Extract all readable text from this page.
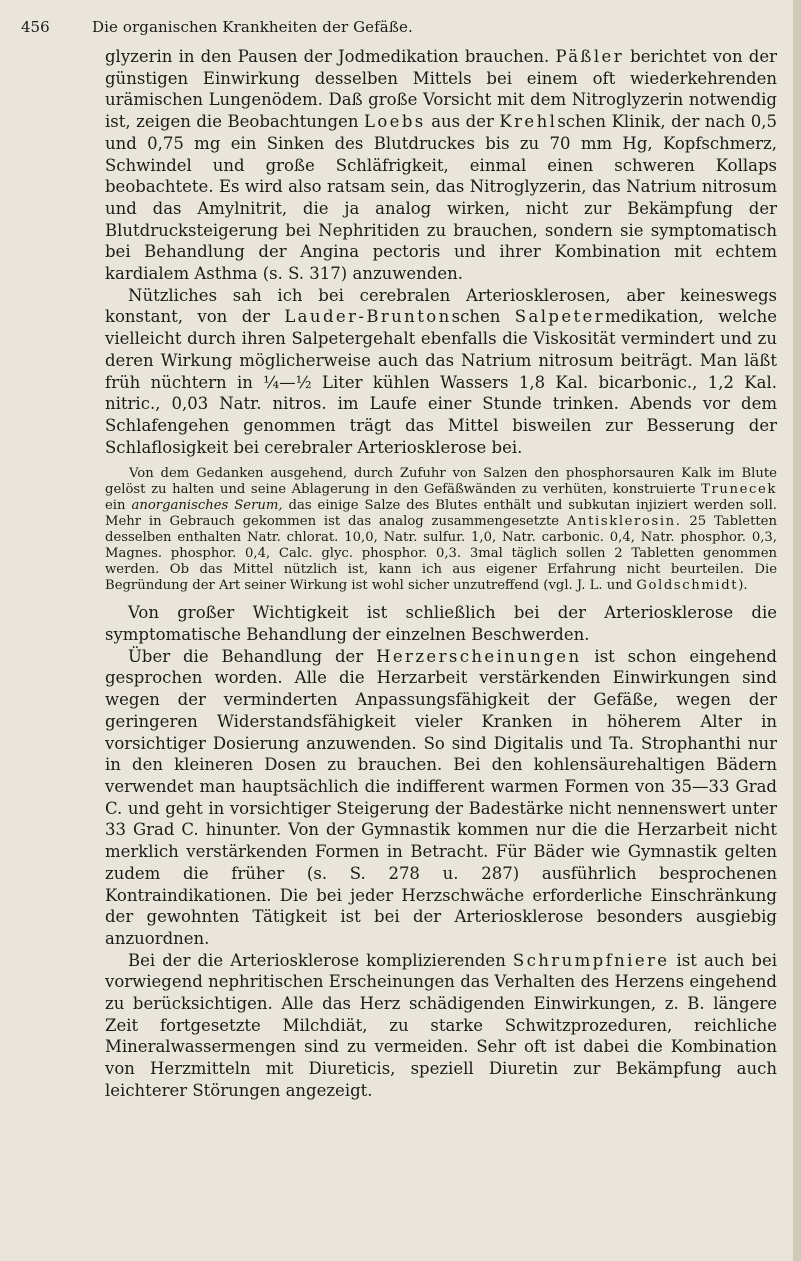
456	Die organischen Krankheiten der Gefäße.

glyzerin in den Pausen der Jodmedikation brauchen. Päßler berichtet von der günstigen Einwirkung desselben Mittels bei einem oft wiederkehrenden urämischen Lungenödem. Daß große Vorsicht mit dem Nitroglyzerin notwendig ist, zeigen die Beobachtungen Loebs aus der Krehlschen Klinik, der nach 0,5 und 0,75 mg ein Sinken des Blutdruckes bis zu 70 mm Hg, Kopfschmerz, Schwindel und große Schläfrigkeit, einmal einen schweren Kollaps beobachtete. Es wird also ratsam sein, das Nitroglyzerin, das Natrium nitrosum und das Amylnitrit, die ja analog wirken, nicht zur Bekämpfung der Blutdrucksteigerung bei Nephritiden zu brauchen, sondern sie symptomatisch bei Behandlung der Angina pectoris und ihrer Kombination mit echtem kardialem Asthma (s. S. 317) anzuwenden.

Nützliches sah ich bei cerebralen Arteriosklerosen, aber keineswegs konstant, von der Lauder-Bruntonschen Salpetermedikation, welche vielleicht durch ihren Salpetergehalt ebenfalls die Viskosität vermindert und zu deren Wirkung möglicherweise auch das Natrium nitrosum beiträgt. Man läßt früh nüchtern in ¼—½ Liter kühlen Wassers 1,8 Kal. bicarbonic., 1,2 Kal. nitric., 0,03 Natr. nitros. im Laufe einer Stunde trinken. Abends vor dem Schlafengehen genommen trägt das Mittel bisweilen zur Besserung der Schlaflosigkeit bei cerebraler Arteriosklerose bei.

Von dem Gedanken ausgehend, durch Zufuhr von Salzen den phosphorsauren Kalk im Blute gelöst zu halten und seine Ablagerung in den Gefäßwänden zu verhüten, konstruierte Trunecek ein anorganisches Serum, das einige Salze des Blutes enthält und subkutan injiziert werden soll. Mehr in Gebrauch gekommen ist das analog zusammengesetzte Antisklerosin. 25 Tabletten desselben enthalten Natr. chlorat. 10,0, Natr. sulfur. 1,0, Natr. carbonic. 0,4, Natr. phosphor. 0,3, Magnes. phosphor. 0,4, Calc. glyc. phosphor. 0,3. 3mal täglich sollen 2 Tabletten genommen werden. Ob das Mittel nützlich ist, kann ich aus eigener Erfahrung nicht beurteilen. Die Begründung der Art seiner Wirkung ist wohl sicher unzutreffend (vgl. J. L. und Goldschmidt).

Von großer Wichtigkeit ist schließlich bei der Arteriosklerose die symptomatische Behandlung der einzelnen Beschwerden.

Über die Behandlung der Herzerscheinungen ist schon eingehend gesprochen worden. Alle die Herzarbeit verstärkenden Einwirkungen sind wegen der verminderten Anpassungsfähigkeit der Gefäße, wegen der geringeren Widerstandsfähigkeit vieler Kranken in höherem Alter in vorsichtiger Dosierung anzuwenden. So sind Digitalis und Ta. Strophanthi nur in den kleineren Dosen zu brauchen. Bei den kohlensäurehaltigen Bädern verwendet man hauptsächlich die indifferent warmen Formen von 35—33 Grad C. und geht in vorsichtiger Steigerung der Badestärke nicht nennenswert unter 33 Grad C. hinunter. Von der Gymnastik kommen nur die die Herzarbeit nicht merklich verstärkenden Formen in Betracht. Für Bäder wie Gymnastik gelten zudem die früher (s. S. 278 u. 287) ausführlich besprochenen Kontraindikationen. Die bei jeder Herzschwäche erforderliche Einschränkung der gewohnten Tätigkeit ist bei der Arteriosklerose besonders ausgiebig anzuordnen.

Bei der die Arteriosklerose komplizierenden Schrumpfniere ist auch bei vorwiegend nephritischen Erscheinungen das Verhalten des Herzens eingehend zu berücksichtigen. Alle das Herz schädigenden Einwirkungen, z. B. längere Zeit fortgesetzte Milchdiät, zu starke Schwitzprozeduren, reichliche Mineralwassermengen sind zu vermeiden. Sehr oft ist dabei die Kombination von Herzmitteln mit Diureticis, speziell Diuretin zur Bekämpfung auch leichterer Störungen angezeigt.
